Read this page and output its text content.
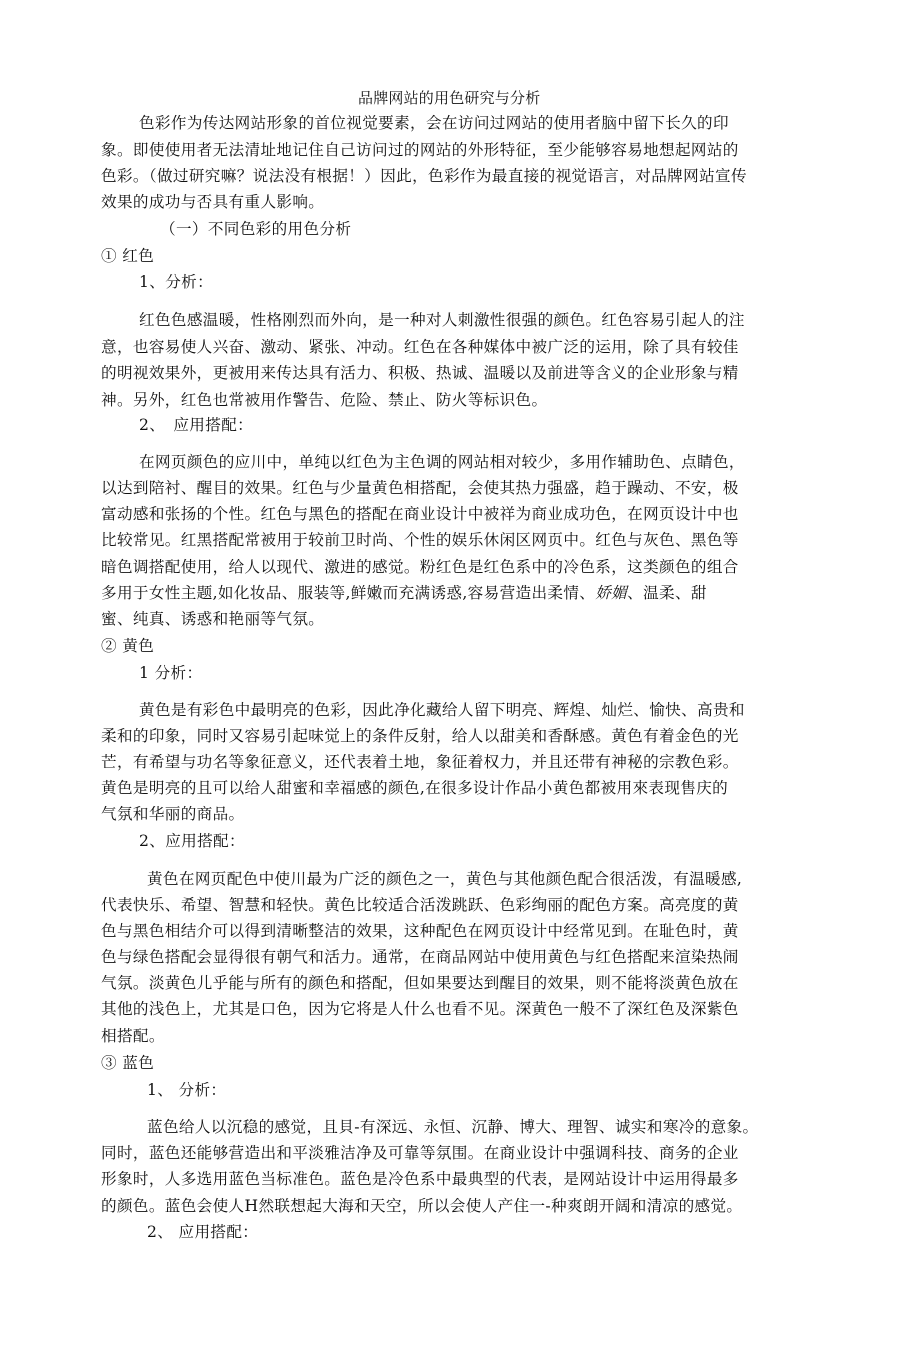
品牌网站的用色研究与分析
色彩作为传达网站形象的首位视觉要素，会在访问过网站的使用者脑中留下长久的印
象。即使使用者无法清址地记住自己访问过的网站的外形特征，至少能够容易地想起网站的
色彩。（做过研究嘛？说法没有根据！）因此，色彩作为最直接的视觉语言，对品牌网站宣传
效果的成功与否具有重人影响。
（一）不同色彩的用色分析
① 红色
1、分析：
红色色感温暖，性格刚烈而外向，是一种对人刺激性很强的颜色。红色容易引起人的注
意，也容易使人兴奋、激动、紧张、冲动。红色在各种媒体中被广泛的运用，除了具有较佳
的明视效果外，更被用来传达具有活力、积极、热诚、温暖以及前进等含义的企业形象与精
神。另外，红色也常被用作警告、危险、禁止、防火等标识色。
2、　应用搭配：
在网页颜色的应川中，单纯以红色为主色调的网站相对较少，多用作辅助色、点睛色，
以达到陪衬、醒目的效果。红色与少量黄色相搭配，会使其热力强盛，趋于躁动、不安，极
富动感和张扬的个性。红色与黑色的搭配在商业设计中被祥为商业成功色，在网页设计中也
比较常见。红黑搭配常被用于较前卫时尚、个性的娱乐休闲区网页中。红色与灰色、黑色等
暗色调搭配使用，给人以现代、激进的感觉。粉红色是红色系中的冷色系，这类颜色的组合
多用于女性主题,如化妆品、服装等,鲜嫩而充满诱惑,容易营造出柔情、娇媚、温柔、甜
蜜、纯真、诱惑和艳丽等气氛。
② 黄色
1 分析：
黄色是有彩色中最明亮的色彩，因此净化藏给人留下明亮、辉煌、灿烂、愉快、高贵和
柔和的印象，同时又容易引起味觉上的条件反射，给人以甜美和香酥感。黄色有着金色的光
芒，有希望与功名等象征意义，还代表着土地，象征着权力，并且还带有神秘的宗教色彩。
黄色是明亮的且可以给人甜蜜和幸福感的颜色,在很多设计作品小黄色都被用來表现售庆的
气氛和华丽的商品。
2、应用搭配：
黄色在网页配色中使川最为广泛的颜色之一，黄色与其他颜色配合很活泼，有温暖感,
代表快乐、希望、智慧和轻快。黄色比较适合活泼跳跃、色彩绚丽的配色方案。高亮度的黄
色与黑色相结介可以得到清晰整洁的效果，这种配色在网页设计中经常见到。在耻色时，黄
色与绿色搭配会显得很有朝气和活力。通常，在商品网站中使用黄色与红色搭配来渲染热闹
气氛。淡黄色儿乎能与所有的颜色和搭配，但如果要达到醒目的效果，则不能将淡黄色放在
其他的浅色上，尤其是口色，因为它将是人什么也看不见。深黄色一般不了深红色及深紫色
相搭配。
③ 蓝色
1、 分析：
蓝色给人以沉稳的感觉，且貝-有深远、永恒、沉静、博大、理智、诚实和寒冷的意象。
同时，蓝色还能够营造出和平淡雅洁净及可靠等氛围。在商业设计中强调科技、商务的企业
形象时，人多选用蓝色当标准色。蓝色是冷色系中最典型的代表，是网站设计中运用得最多
的颜色。蓝色会使人H然联想起大海和天空，所以会使人产住一-种爽朗开阔和清凉的感觉。
2、 应用搭配：
